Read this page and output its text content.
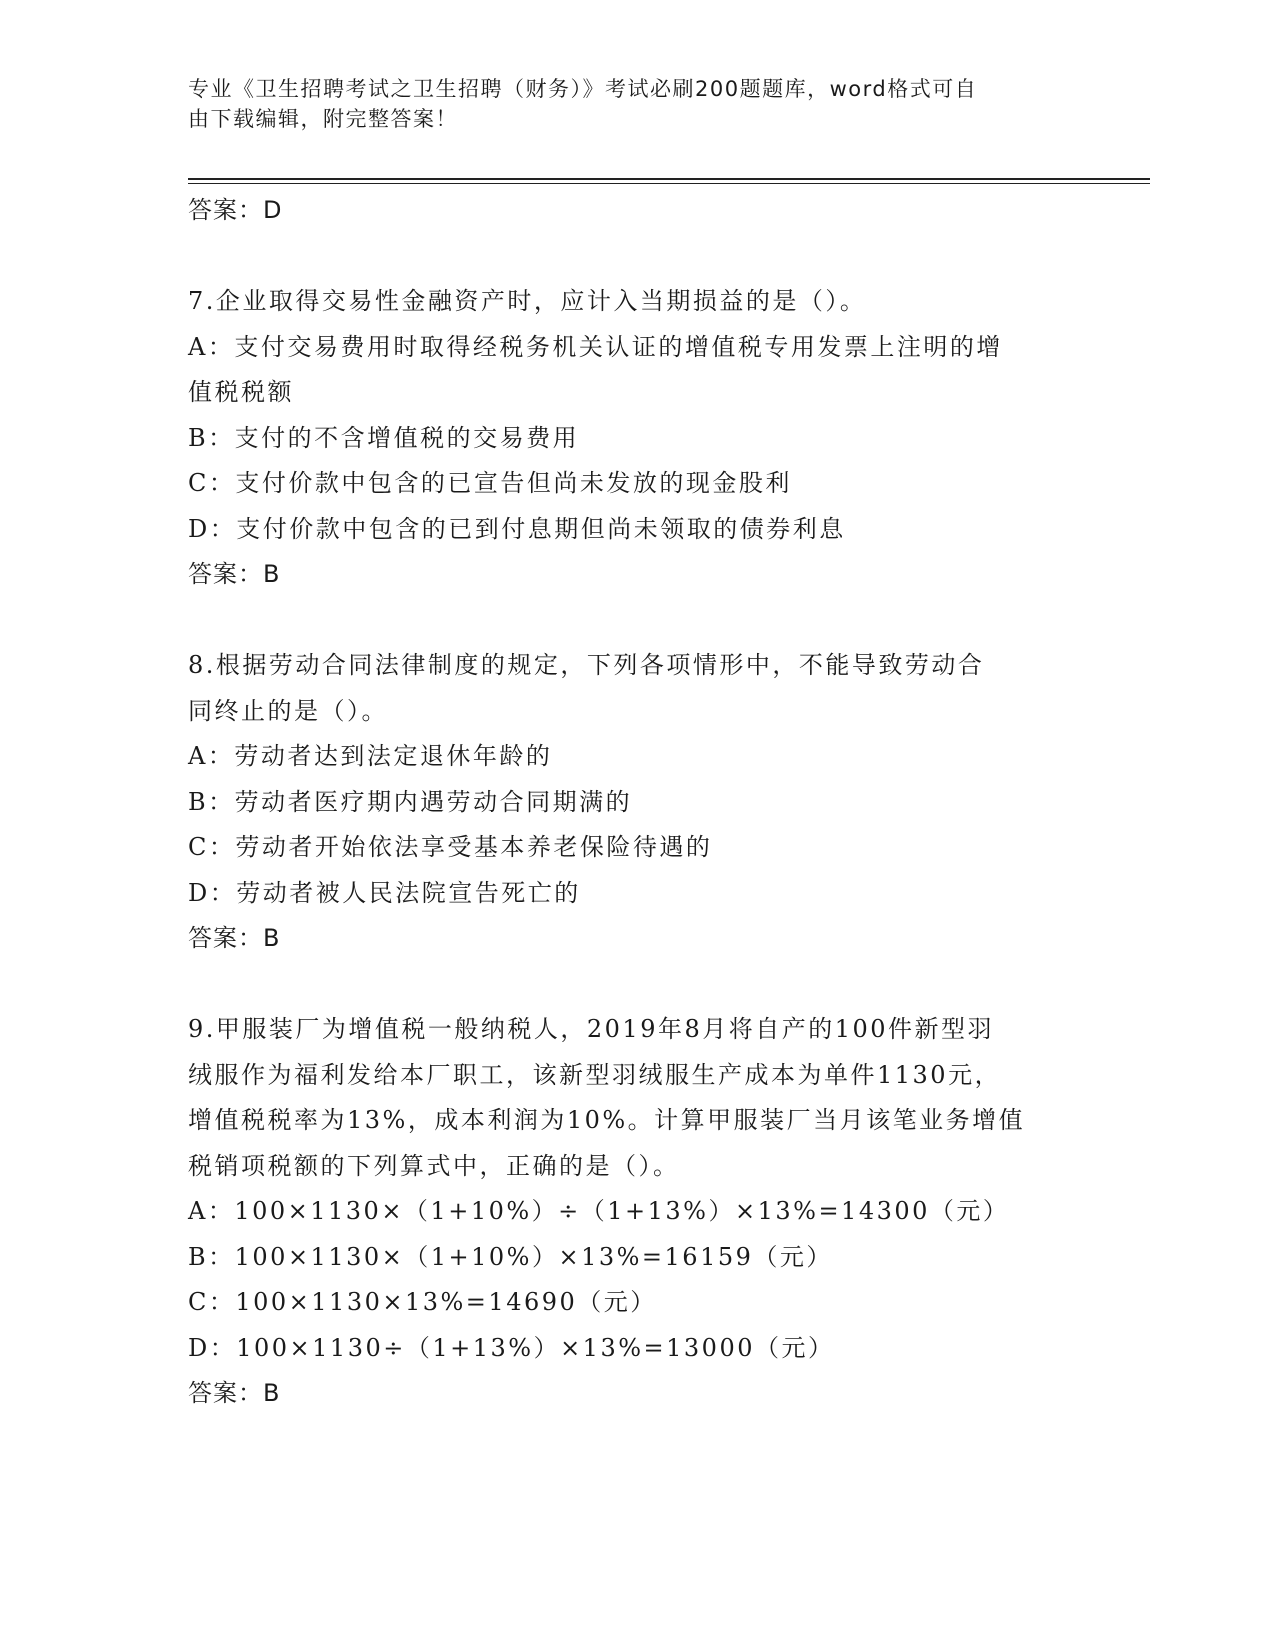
专业《卫生招聘考试之卫生招聘（财务）》考试必刷200题题库，word格式可自
由下载编辑，附完整答案！
答案：D
7.企业取得交易性金融资产时，应计入当期损益的是（）。
A：支付交易费用时取得经税务机关认证的增值税专用发票上注明的增
值税税额
B：支付的不含增值税的交易费用
C：支付价款中包含的已宣告但尚未发放的现金股利
D：支付价款中包含的已到付息期但尚未领取的债券利息
答案：B
8.根据劳动合同法律制度的规定，下列各项情形中，不能导致劳动合
同终止的是（）。
A：劳动者达到法定退休年龄的
B：劳动者医疗期内遇劳动合同期满的
C：劳动者开始依法享受基本养老保险待遇的
D：劳动者被人民法院宣告死亡的
答案：B
9.甲服装厂为增值税一般纳税人，2019年8月将自产的100件新型羽
绒服作为福利发给本厂职工，该新型羽绒服生产成本为单件1130元，
增值税税率为13%，成本利润为10%。计算甲服装厂当月该笔业务增值
税销项税额的下列算式中，正确的是（）。
A：100×1130×（1+10%）÷（1+13%）×13%=14300（元）
B：100×1130×（1+10%）×13%=16159（元）
C：100×1130×13%=14690（元）
D：100×1130÷（1+13%）×13%=13000（元）
答案：B
